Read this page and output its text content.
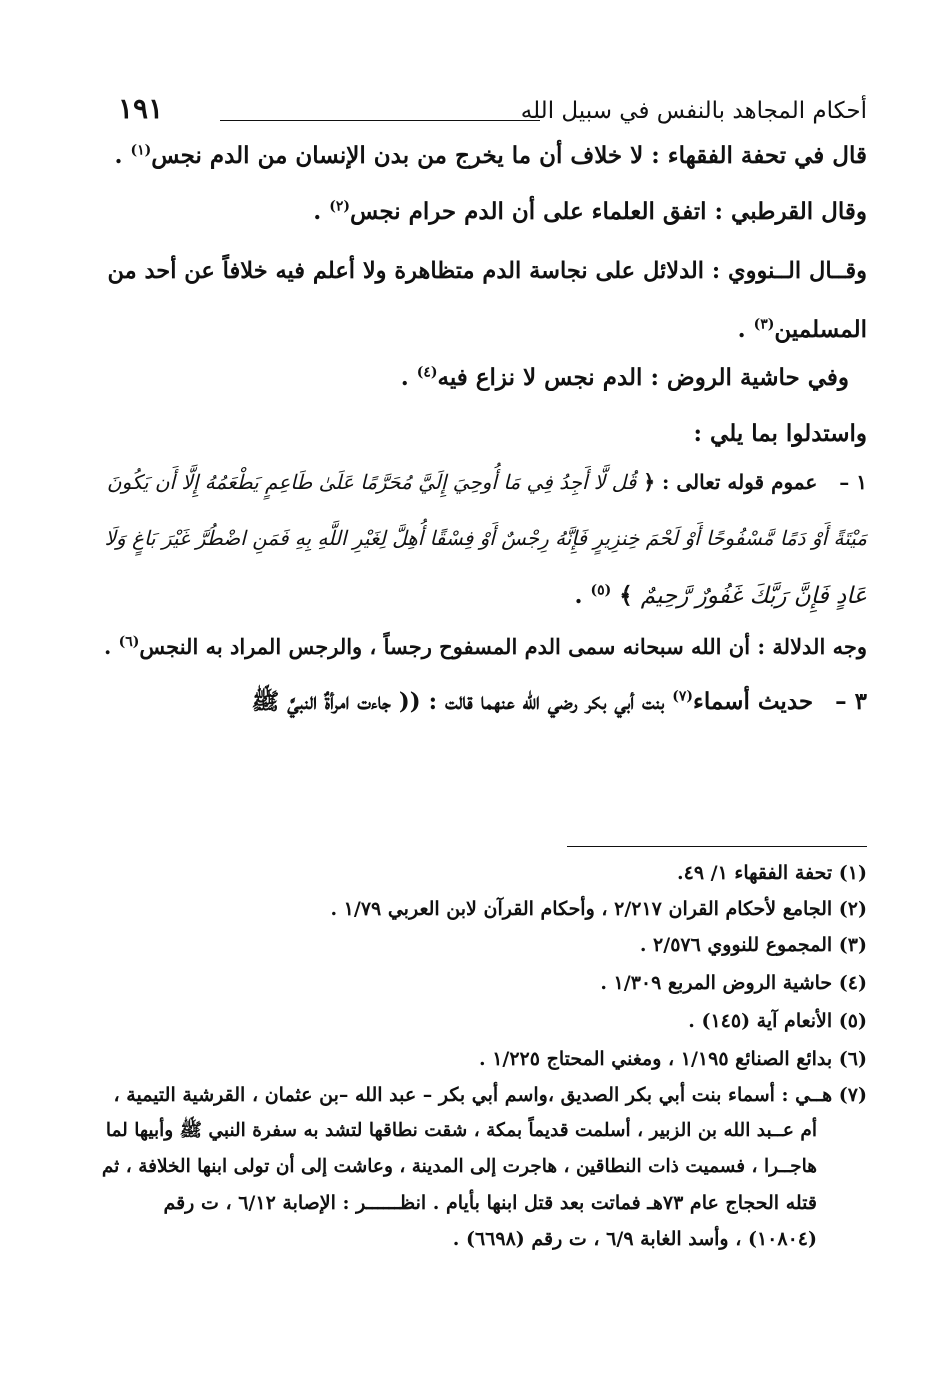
١٩١	أحكام المجاهد بالنفس في سبيل الله

قال في تحفة الفقهاء : لا خلاف أن ما يخرج من بدن الإنسان من الدم نجس$^{(١)}$ .

وقال القرطبي : اتفق العلماء على أن الدم حرام نجس$^{(٢)}$ .

وقــال الــنووي : الدلائل على نجاسة الدم متظاهرة ولا أعلم فيه خلافاً عن أحد من
المسلمين$^{(٣)}$ .

وفي حاشية الروض : الدم نجس لا نزاع فيه$^{(٤)}$ .

واستدلوا بما يلي :

١ –عموم قوله تعالى : ﴿ قُل لَّا أَجِدُ فِي مَا أُوحِيَ إِلَيَّ مُحَرَّمًا عَلَىٰ طَاعِمٍ يَطْعَمُهُ إِلَّا أَن يَكُونَ
مَيْتَةً أَوْ دَمًا مَّسْفُوحًا أَوْ لَحْمَ خِنزِيرٍ فَإِنَّهُ رِجْسٌ أَوْ فِسْقًا أُهِلَّ لِغَيْرِ اللَّهِ بِهِ فَمَنِ اضْطُرَّ غَيْرَ بَاغٍ وَلَا
عَادٍ فَإِنَّ رَبَّكَ غَفُورٌ رَّحِيمٌ ﴾ $^{(٥)}$ .

وجه الدلالة : أن الله سبحانه سمى الدم المسفوح رجساً ، والرجس المراد به النجس$^{(٦)}$ .

٣ –حديث أسماء$^{(٧)}$ بنت أبي بكر رضي الله عنهما قالت : (( جاءت امرأةٌ النبيَّ ﷺ

(١) تحفة الفقهاء ١/ ٤٩.

(٢) الجامع لأحكام القران ٢/٢١٧ ، وأحكام القرآن لابن العربي ١/٧٩ .

(٣) المجموع للنووي ٢/٥٧٦ .

(٤) حاشية الروض المربع ١/٣٠٩ .

(٥) الأنعام آية (١٤٥) .

(٦) بدائع الصنائع ١/١٩٥ ، ومغني المحتاج ١/٢٢٥ .

(٧) هــي : أسماء بنت أبي بكر الصديق ،واسم أبي بكر – عبد الله –بن عثمان ، القرشية التيمية ،

أم عــبد الله بن الزبير ، أسلمت قديماً بمكة ، شقت نطاقها لتشد به سفرة النبي ﷺ وأبيها لما

هاجــرا ، فسميت ذات النطاقين ، هاجرت إلى المدينة ، وعاشت إلى أن تولى ابنها الخلافة ، ثم

قتله الحجاج عام ٧٣هـ فماتت بعد قتل ابنها بأيام . انظــــــر : الإصابة ٦/١٢ ، ت رقم

(١٠٨٠٤) ، وأسد الغابة ٦/٩ ، ت رقم (٦٦٩٨) .
